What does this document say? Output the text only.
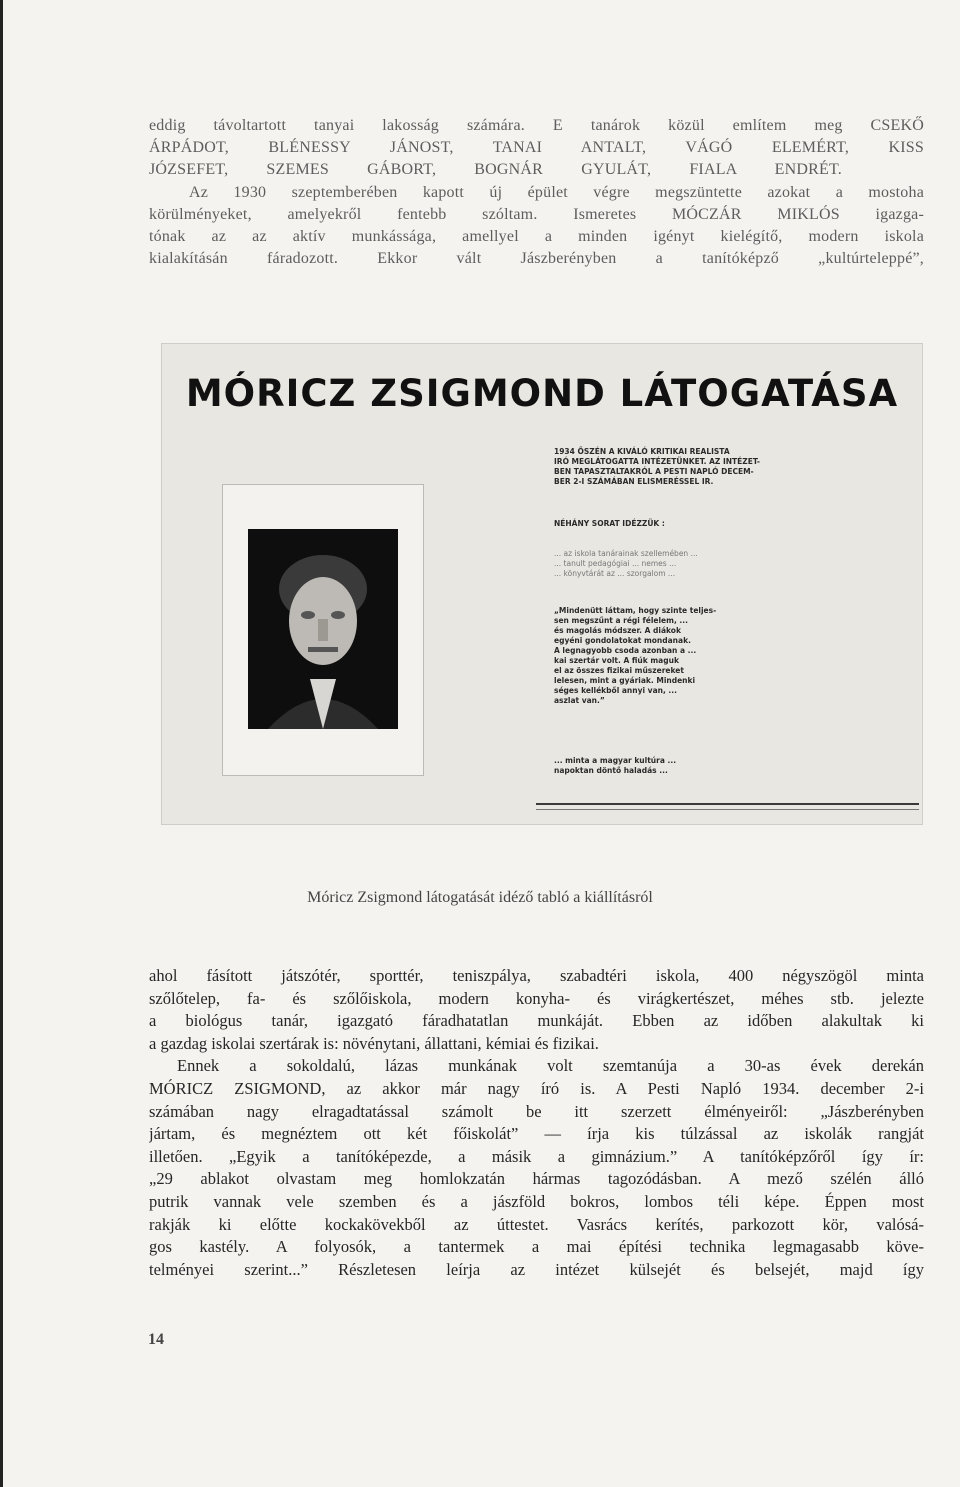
eddig távoltartott tanyai lakosság számára. E tanárok közül említem meg CSEKŐ
ÁRPÁDOT, BLÉNESSY JÁNOST, TANAI ANTALT, VÁGÓ ELEMÉRT, KISS
JÓZSEFET, SZEMES GÁBORT, BOGNÁR GYULÁT, FIALA ENDRÉT.
Az 1930 szeptemberében kapott új épület végre megszüntette azokat a mostoha
körülményeket, amelyekről fentebb szóltam. Ismeretes MÓCZÁR MIKLÓS igazga-
tónak az az aktív munkássága, amellyel a minden igényt kielégítő, modern iskola
kialakításán fáradozott. Ekkor vált Jászberényben a tanítóképző „kultúrteleppé”,
MÓRICZ ZSIGMOND LÁTOGATÁSA
1934 ŐSZÉN A KIVÁLÓ KRITIKAI REALISTA
IRÓ MEGLÁTOGATTA INTÉZETÜNKET. AZ INTÉZET-
BEN TAPASZTALTAKRÓL A PESTI NAPLÓ DECEM-
BER 2-I SZÁMÁBAN ELISMERÉSSEL IR.
NÉHÁNY SORAT IDÉZZÜK :
... az iskola tanárainak szellemében ...
... tanult pedagógiai ... nemes ...
... könyvtárát az ... szorgalom ...
„Mindenütt láttam, hogy szinte teljes-
sen megszűnt a régi félelem, ...
és magolás módszer. A diákok
egyéni gondolatokat mondanak.
A legnagyobb csoda azonban a ...
kai szertár volt. A fiúk maguk
el az összes fizikai műszereket
lelesen, mint a gyáriak. Mindenki
séges kellékből annyi van, ...
aszlat van.”
... minta a magyar kultúra ...
napoktan döntő haladás ...
Móricz Zsigmond látogatását idéző tabló a kiállításról
ahol fásított játszótér, sporttér, teniszpálya, szabadtéri iskola, 400 négyszögöl minta
szőlőtelep, fa- és szőlőiskola, modern konyha- és virágkertészet, méhes stb. jelezte
a biológus tanár, igazgató fáradhatatlan munkáját. Ebben az időben alakultak ki
a gazdag iskolai szertárak is: növénytani, állattani, kémiai és fizikai.
Ennek a sokoldalú, lázas munkának volt szemtanúja a 30-as évek derekán
MÓRICZ ZSIGMOND, az akkor már nagy író is. A Pesti Napló 1934. december 2-i
számában nagy elragadtatással számolt be itt szerzett élményeiről: „Jászberényben
jártam, és megnéztem ott két főiskolát” — írja kis túlzással az iskolák rangját
illetően. „Egyik a tanítóképezde, a másik a gimnázium.” A tanítóképzőről így ír:
„29 ablakot olvastam meg homlokzatán hármas tagozódásban. A mező szélén álló
putrik vannak vele szemben és a jászföld bokros, lombos téli képe. Éppen most
rakják ki előtte kockakövekből az úttestet. Vasrács kerítés, parkozott kör, valósá-
gos kastély. A folyosók, a tantermek a mai építési technika legmagasabb köve-
telményei szerint...” Részletesen leírja az intézet külsejét és belsejét, majd így
14
